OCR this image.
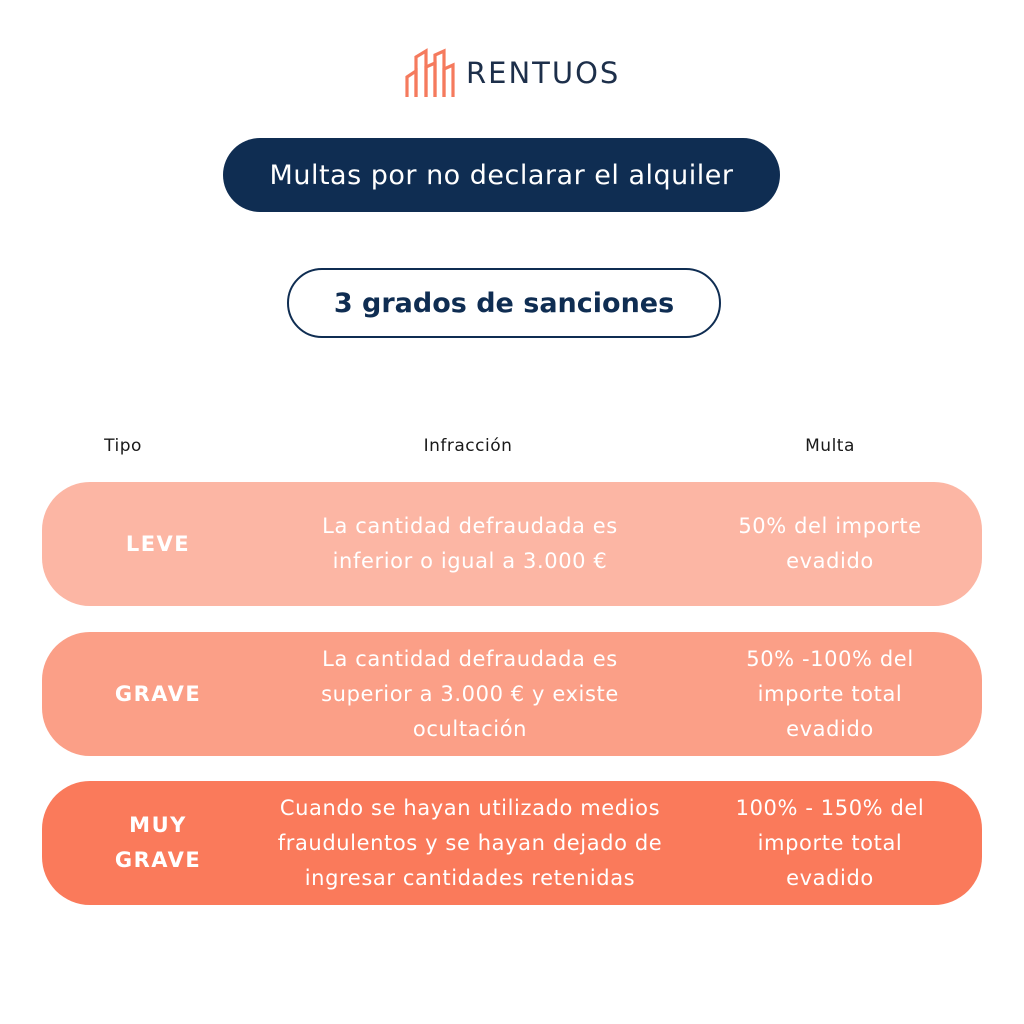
RENTUOS
Multas por no declarar el alquiler
3 grados de sanciones
Tipo	Infracción	Multa
LEVE
La cantidad defraudada es inferior o igual a 3.000 €
50% del importe evadido
GRAVE
La cantidad defraudada es superior a 3.000 € y existe ocultación
50% -100% del importe total evadido
MUY GRAVE
Cuando se hayan utilizado medios fraudulentos y se hayan dejado de ingresar cantidades retenidas
100% - 150% del importe total evadido
